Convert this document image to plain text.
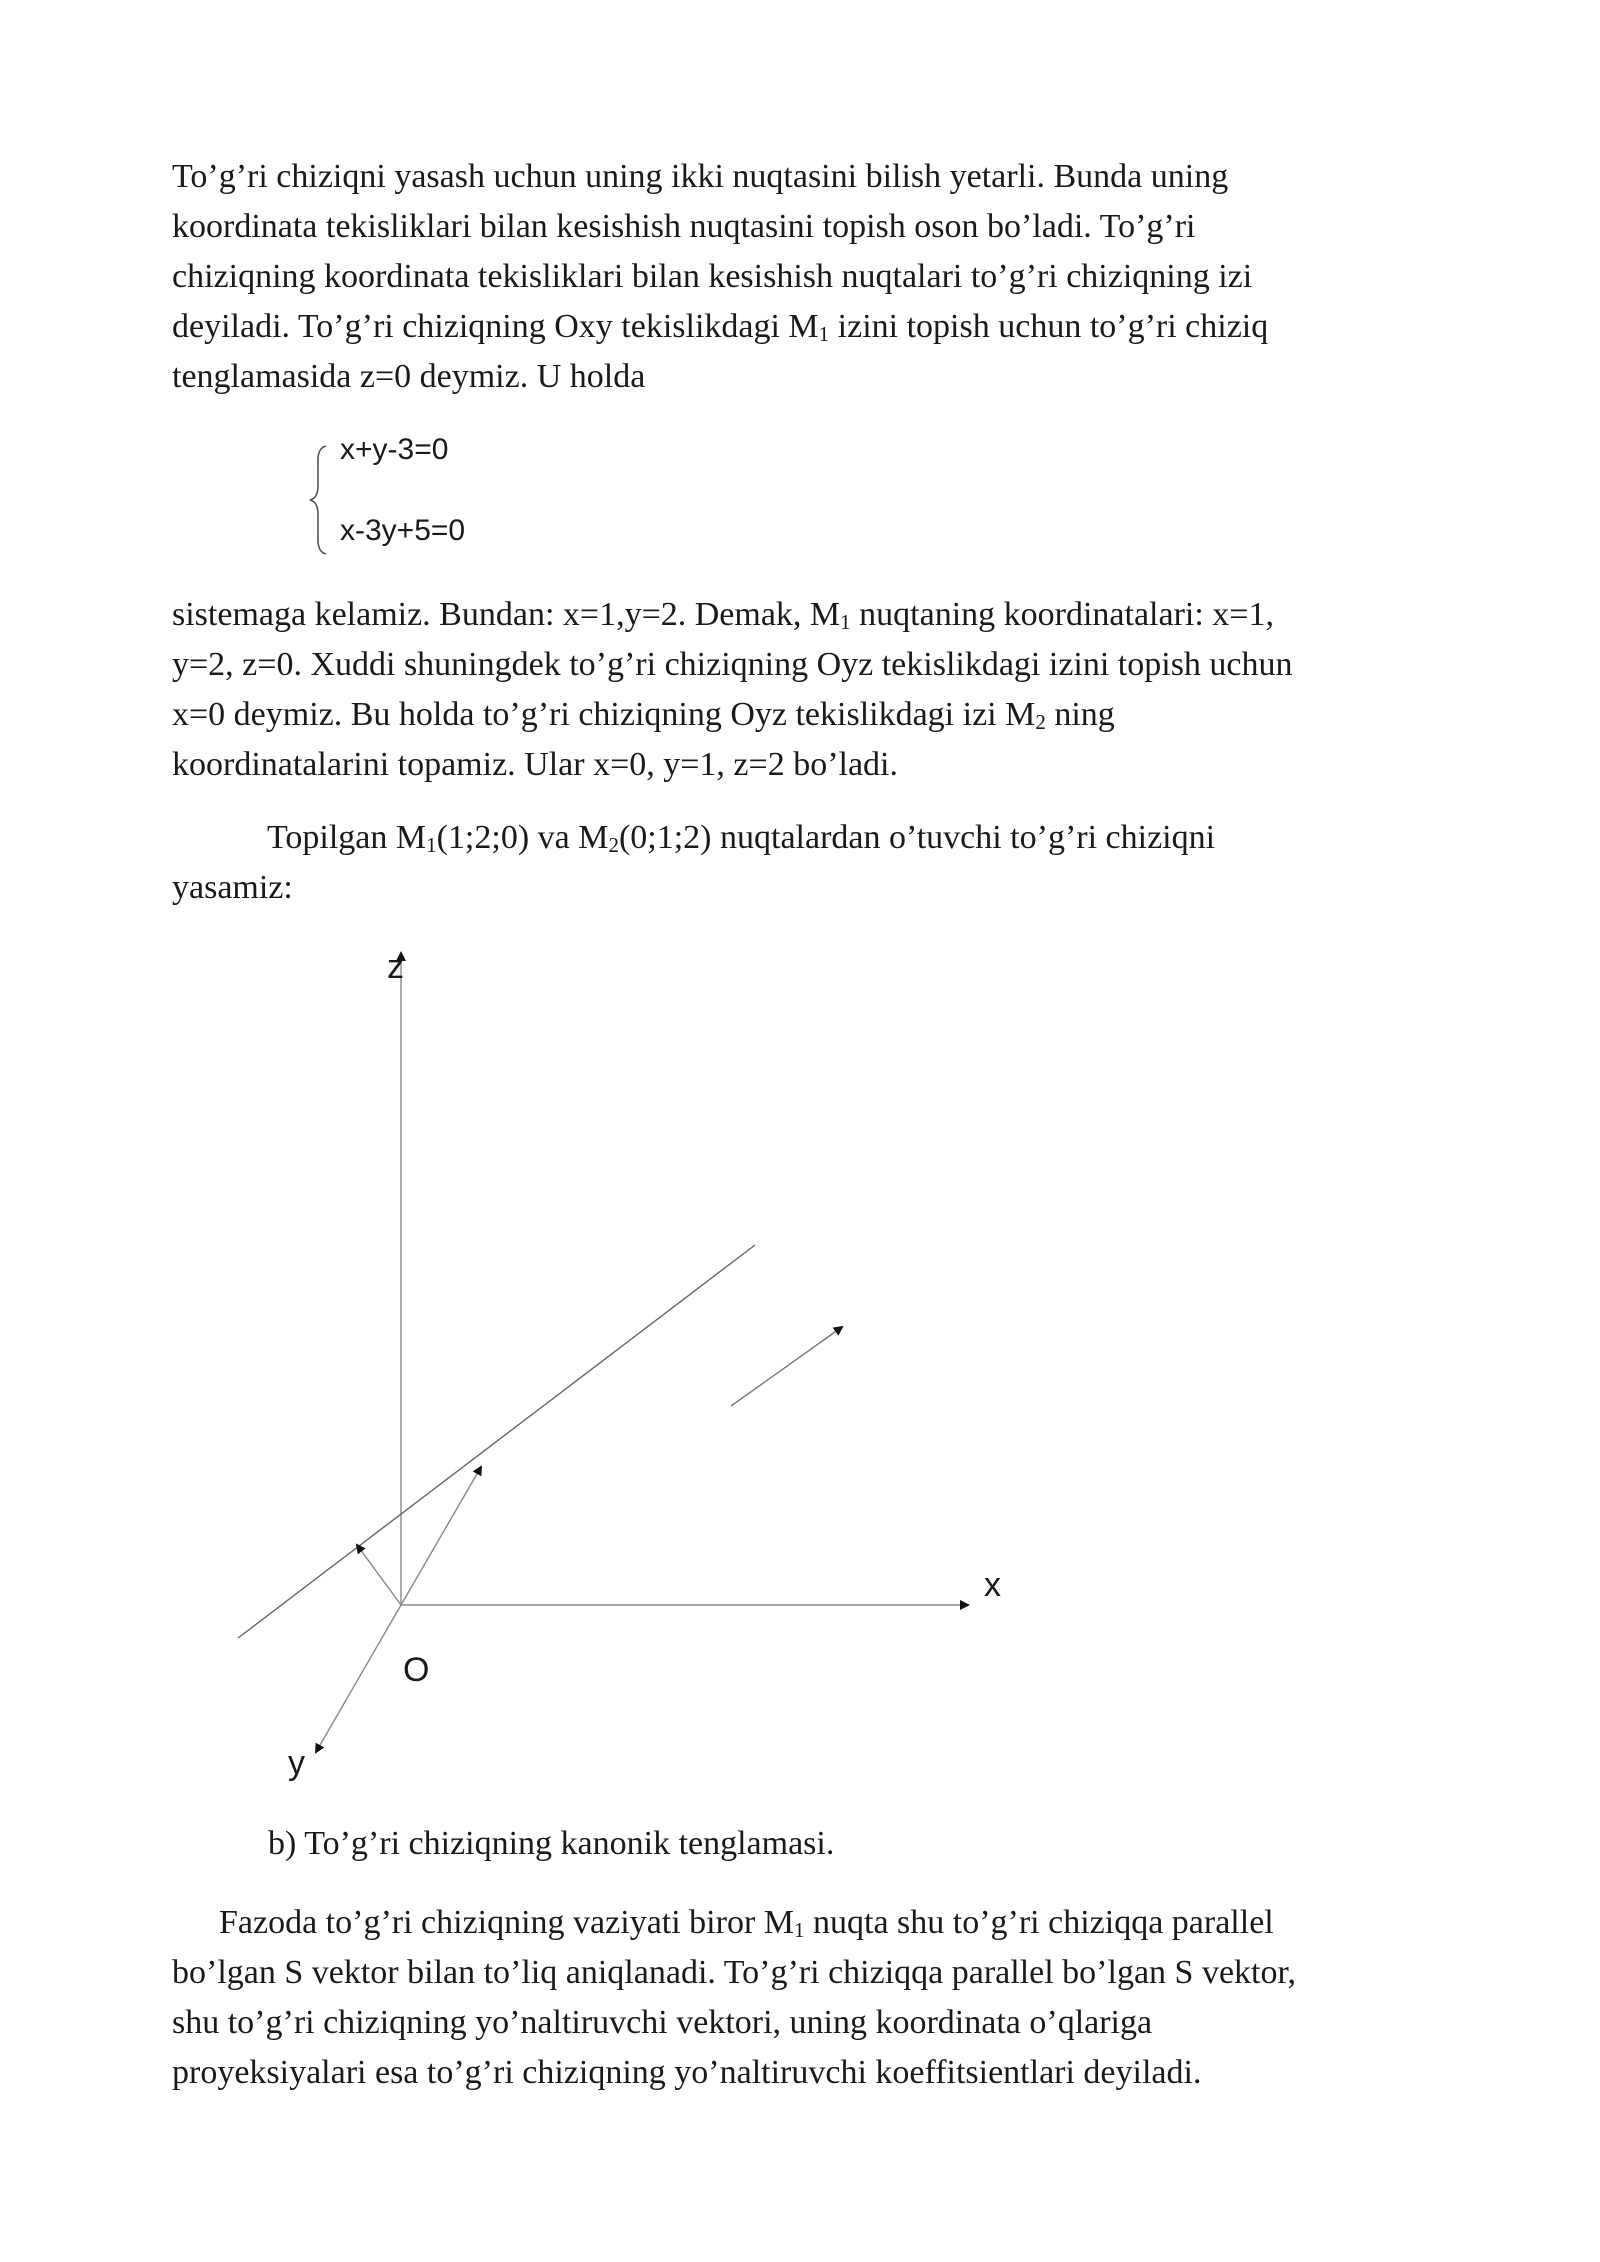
To’g’ri chiziqni yasash uchun uning ikki nuqtasini bilish yetarli. Bunda uning
koordinata tekisliklari bilan kesishish nuqtasini topish oson bo’ladi. To’g’ri
chiziqning koordinata tekisliklari bilan kesishish nuqtalari to’g’ri chiziqning izi
deyiladi. To’g’ri chiziqning Oxy tekislikdagi $M_1$ izini topish uchun to’g’ri chiziq
tenglamasida z=0 deymiz. U holda
x+y-3=0
x-3y+5=0
sistemaga kelamiz. Bundan: x=1,y=2. Demak, $M_1$ nuqtaning koordinatalari: x=1,
y=2, z=0. Xuddi shuningdek to’g’ri chiziqning Oyz tekislikdagi izini topish uchun
x=0 deymiz. Bu holda to’g’ri chiziqning Oyz tekislikdagi izi $M_2$ ning
koordinatalarini topamiz. Ular x=0, y=1, z=2 bo’ladi.
Topilgan $M_1(1;2;0)$ va $M_2(0;1;2)$ nuqtalardan o’tuvchi to’g’ri chiziqni
yasamiz:
z
x
y
O
b) To’g’ri chiziqning kanonik tenglamasi.
Fazoda to’g’ri chiziqning vaziyati biror $M_1$ nuqta shu to’g’ri chiziqqa parallel
bo’lgan S vektor bilan to’liq aniqlanadi. To’g’ri chiziqqa parallel bo’lgan S vektor,
shu to’g’ri chiziqning yo’naltiruvchi vektori, uning koordinata o’qlariga
proyeksiyalari esa to’g’ri chiziqning yo’naltiruvchi koeffitsientlari deyiladi.
